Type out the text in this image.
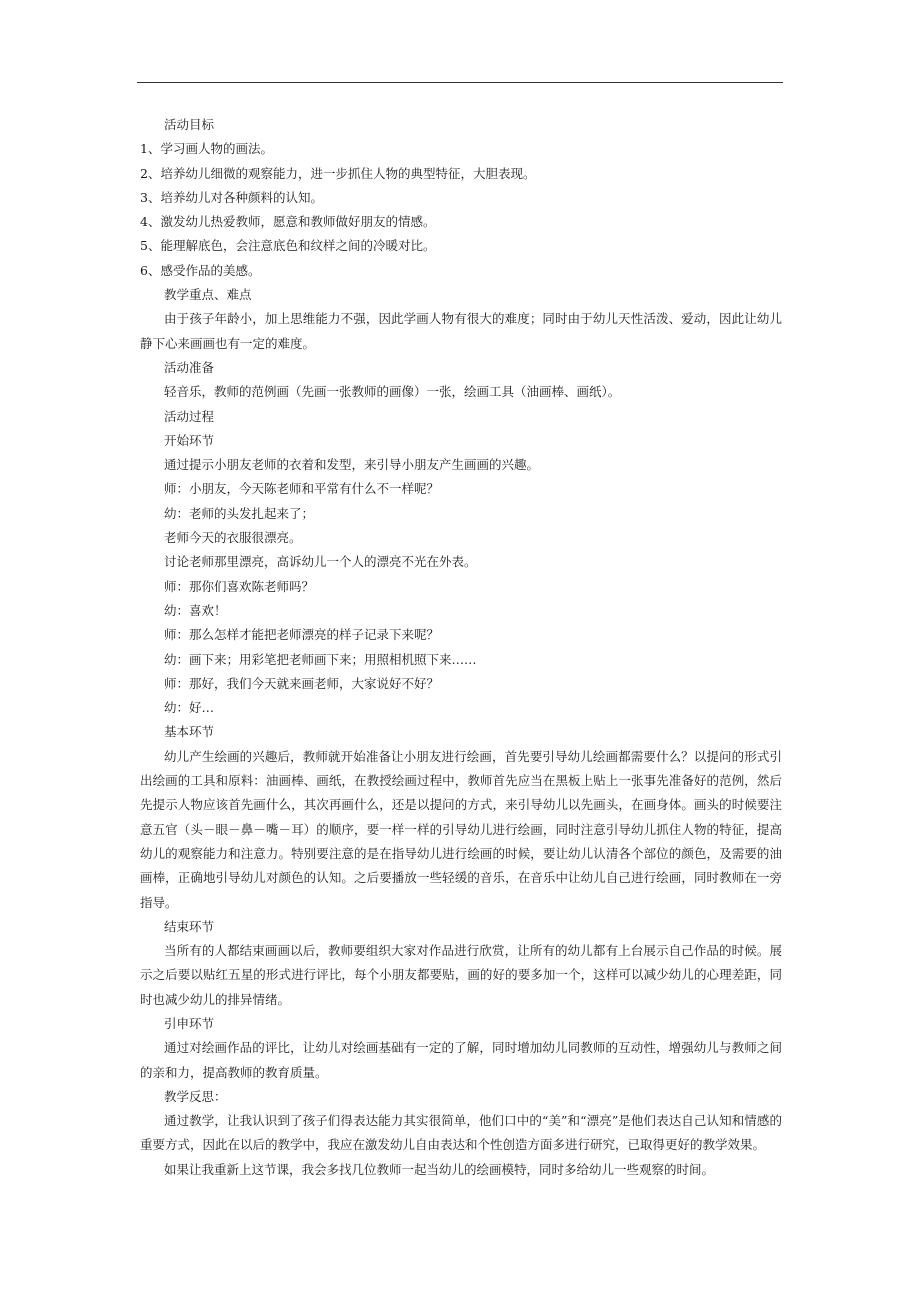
活动目标

1、学习画人物的画法。

2、培养幼儿细微的观察能力，进一步抓住人物的典型特征，大胆表现。

3、培养幼儿对各种颜料的认知。

4、激发幼儿热爱教师，愿意和教师做好朋友的情感。

5、能理解底色，会注意底色和纹样之间的冷暖对比。

6、感受作品的美感。

教学重点、难点

由于孩子年龄小，加上思维能力不强，因此学画人物有很大的难度；同时由于幼儿天性活泼、爱动，因此让幼儿静下心来画画也有一定的难度。

活动准备

轻音乐，教师的范例画（先画一张教师的画像）一张，绘画工具（油画棒、画纸）。

活动过程

开始环节

通过提示小朋友老师的衣着和发型，来引导小朋友产生画画的兴趣。

师：小朋友，今天陈老师和平常有什么不一样呢？

幼：老师的头发扎起来了；

老师今天的衣服很漂亮。

讨论老师那里漂亮，高诉幼儿一个人的漂亮不光在外表。

师：那你们喜欢陈老师吗？

幼：喜欢！

师：那么怎样才能把老师漂亮的样子记录下来呢？

幼：画下来；用彩笔把老师画下来；用照相机照下来……

师：那好，我们今天就来画老师，大家说好不好？

幼：好…

基本环节

幼儿产生绘画的兴趣后，教师就开始准备让小朋友进行绘画，首先要引导幼儿绘画都需要什么？以提问的形式引出绘画的工具和原料：油画棒、画纸，在教授绘画过程中，教师首先应当在黑板上贴上一张事先准备好的范例，然后先提示人物应该首先画什么，其次再画什么，还是以提问的方式，来引导幼儿以先画头，在画身体。画头的时候要注意五官（头－眼－鼻－嘴－耳）的顺序，要一样一样的引导幼儿进行绘画，同时注意引导幼儿抓住人物的特征，提高幼儿的观察能力和注意力。特别要注意的是在指导幼儿进行绘画的时候，要让幼儿认清各个部位的颜色，及需要的油画棒，正确地引导幼儿对颜色的认知。之后要播放一些轻缓的音乐，在音乐中让幼儿自己进行绘画，同时教师在一旁指导。

结束环节

当所有的人都结束画画以后，教师要组织大家对作品进行欣赏，让所有的幼儿都有上台展示自己作品的时候。展示之后要以贴红五星的形式进行评比，每个小朋友都要贴，画的好的要多加一个，这样可以减少幼儿的心理差距，同时也减少幼儿的排异情绪。

引申环节

通过对绘画作品的评比，让幼儿对绘画基础有一定的了解，同时增加幼儿同教师的互动性，增强幼儿与教师之间的亲和力，提高教师的教育质量。

教学反思：

通过教学，让我认识到了孩子们得表达能力其实很简单，他们口中的“美”和“漂亮”是他们表达自己认知和情感的重要方式，因此在以后的教学中，我应在激发幼儿自由表达和个性创造方面多进行研究，已取得更好的教学效果。

如果让我重新上这节课，我会多找几位教师一起当幼儿的绘画模特，同时多给幼儿一些观察的时间。
